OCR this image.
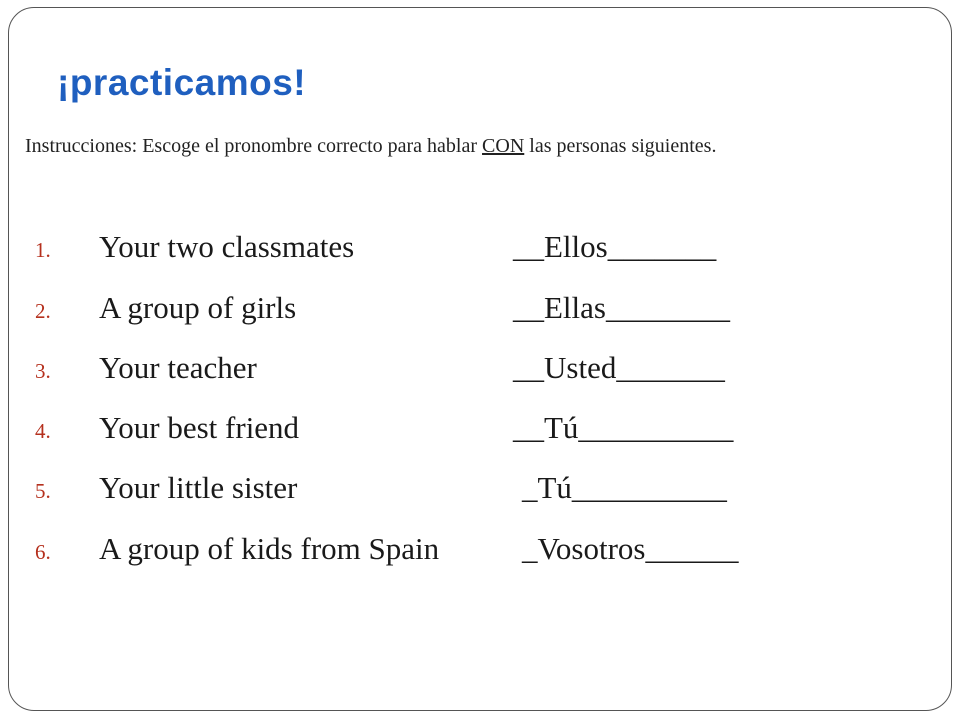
¡practicamos!

Instrucciones: Escoge el pronombre correcto para hablar CON las personas siguientes.

1. Your two classmates	__Ellos_______
2. A group of girls	__Ellas________
3. Your teacher	__Usted_______
4. Your best friend	__Tú__________
5. Your little sister	_Tú__________
6. A group of kids from Spain	_Vosotros______
